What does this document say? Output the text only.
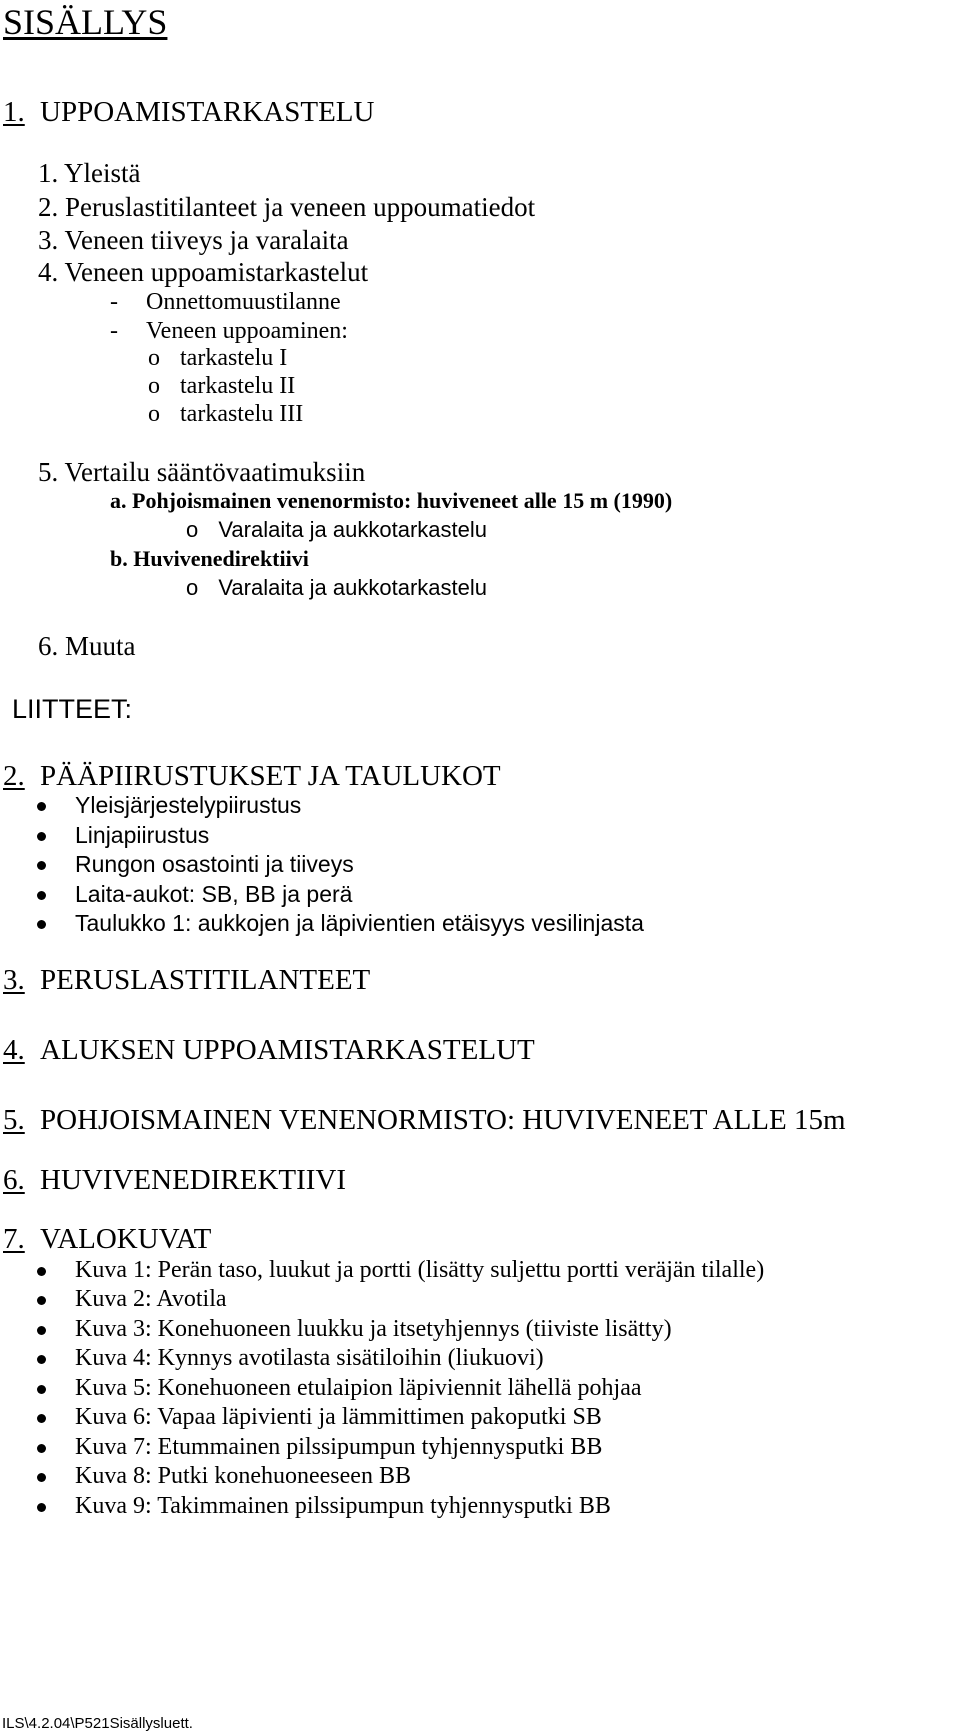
SISÄLLYS
1. UPPOAMISTARKASTELU
1. Yleistä
2. Peruslastitilanteet ja veneen uppoumatiedot
3. Veneen tiiveys ja varalaita
4. Veneen uppoamistarkastelut
- Onnettomuustilanne
- Veneen uppoaminen:
o tarkastelu I
o tarkastelu II
o tarkastelu III
5. Vertailu sääntövaatimuksiin
a. Pohjoismainen venenormisto: huviveneet alle 15 m (1990)
o Varalaita ja aukkotarkastelu
b. Huvivenedirektiivi
o Varalaita ja aukkotarkastelu
6. Muuta
LIITTEET:
2. PÄÄPIIRUSTUKSET JA TAULUKOT
Yleisjärjestelypiirustus
Linjapiirustus
Rungon osastointi ja tiiveys
Laita-aukot: SB, BB ja perä
Taulukko 1: aukkojen ja läpivientien etäisyys vesilinjasta
3. PERUSLASTITILANTEET
4. ALUKSEN UPPOAMISTARKASTELUT
5. POHJOISMAINEN VENENORMISTO: HUVIVENEET ALLE 15m
6. HUVIVENEDIREKTIIVI
7. VALOKUVAT
Kuva 1: Perän taso, luukut ja portti (lisätty suljettu portti veräjän tilalle)
Kuva 2: Avotila
Kuva 3: Konehuoneen luukku ja itsetyhjennys (tiiviste lisätty)
Kuva 4: Kynnys avotilasta sisätiloihin (liukuovi)
Kuva 5: Konehuoneen etulaipion läpiviennit lähellä pohjaa
Kuva 6: Vapaa läpivienti ja lämmittimen pakoputki SB
Kuva 7: Etummainen pilssipumpun tyhjennysputki BB
Kuva 8: Putki konehuoneeseen BB
Kuva 9: Takimmainen pilssipumpun tyhjennysputki BB
ILS\4.2.04\P521Sisällysluett.
